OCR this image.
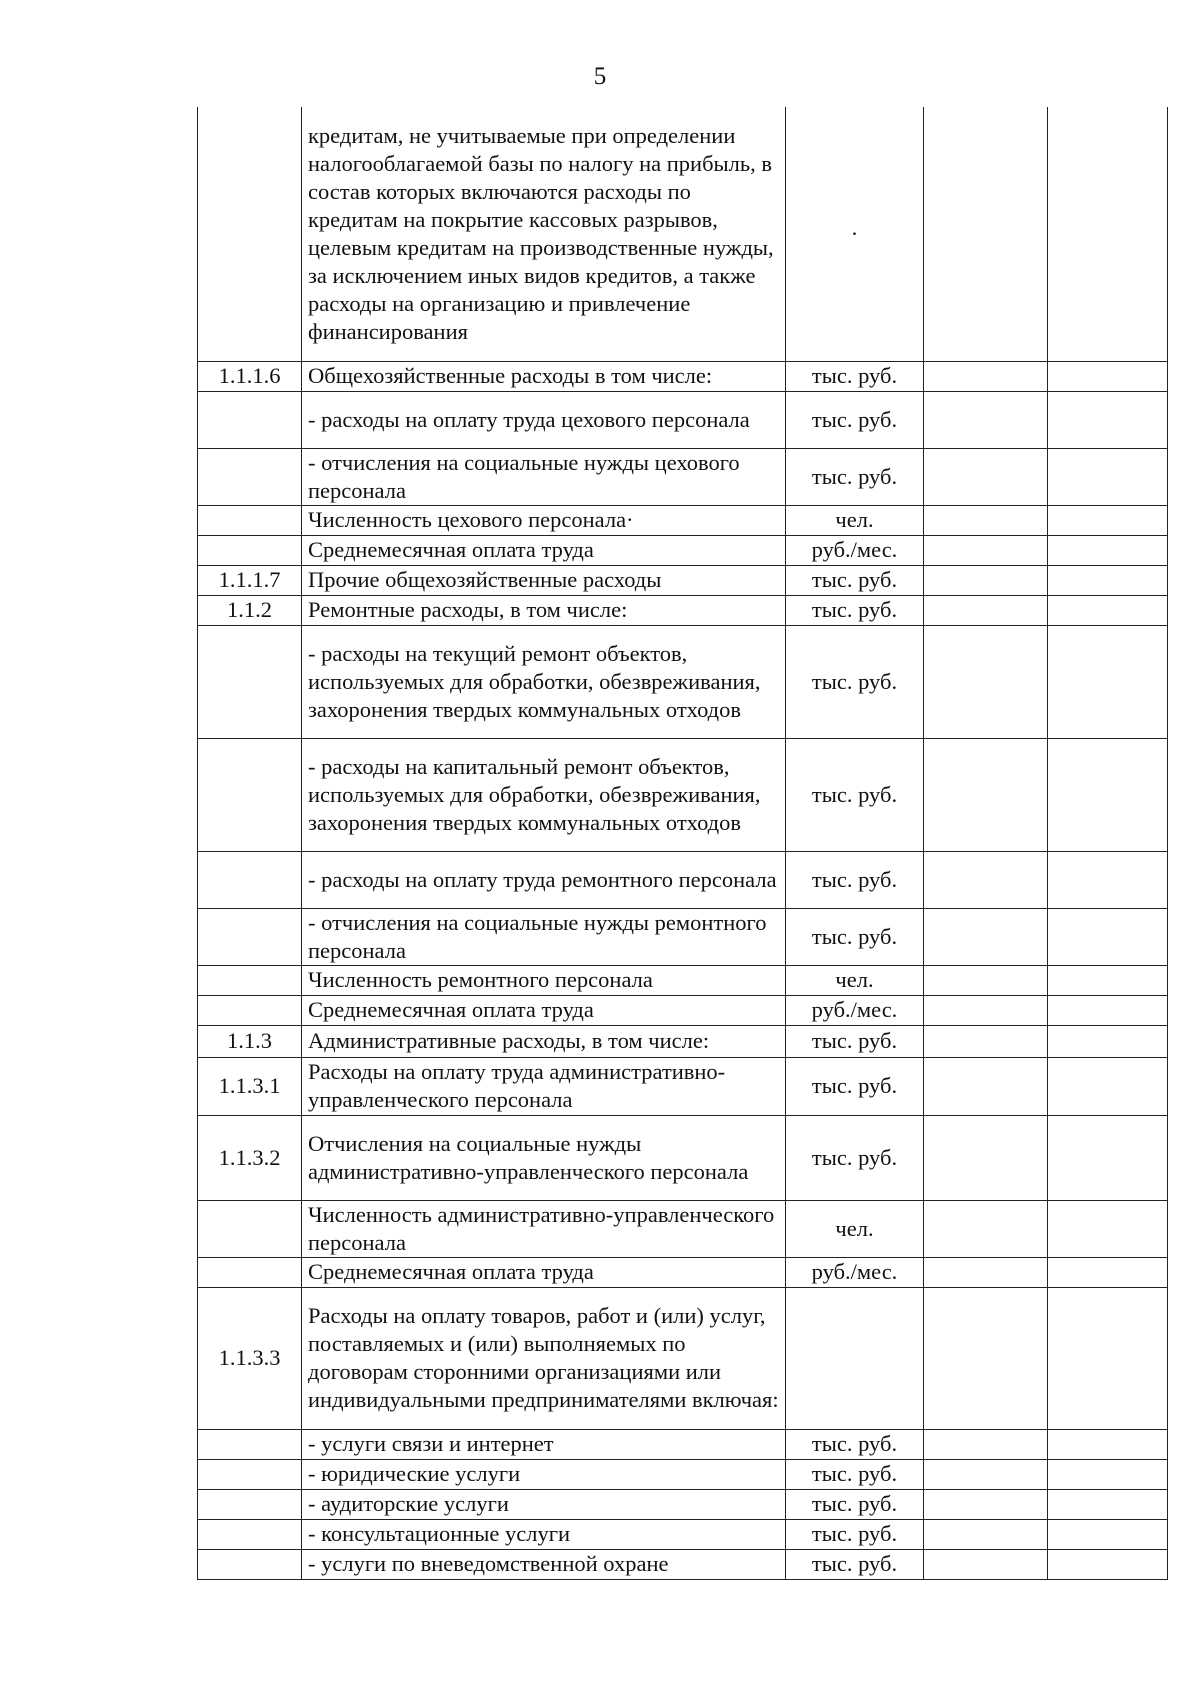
5
	кредитам, не учитываемые при определении налогооблагаемой базы по налогу на прибыль, в состав которых включаются расходы по кредитам на покрытие кассовых разрывов, целевым кредитам на производственные нужды, за исключением иных видов кредитов, а также расходы на организацию и привлечение финансирования	·		
1.1.1.6	Общехозяйственные расходы в том числе:	тыс. руб.		
	- расходы на оплату труда цехового персонала	тыс. руб.		
	- отчисления на социальные нужды цехового персонала	тыс. руб.		
	Численность цехового персонала·	чел.		
	Среднемесячная оплата труда	руб./мес.		
1.1.1.7	Прочие общехозяйственные расходы	тыс. руб.		
1.1.2	Ремонтные расходы, в том числе:	тыс. руб.		
	- расходы на текущий ремонт объектов, используемых для обработки, обезвреживания, захоронения твердых коммунальных отходов	тыс. руб.		
	- расходы на капитальный ремонт объектов, используемых для обработки, обезвреживания, захоронения твердых коммунальных отходов	тыс. руб.		
	- расходы на оплату труда ремонтного персонала	тыс. руб.		
	- отчисления на социальные нужды ремонтного персонала	тыс. руб.		
	Численность ремонтного персонала	чел.		
	Среднемесячная оплата труда	руб./мес.		
1.1.3	Административные расходы, в том числе:	тыс. руб.		
1.1.3.1	Расходы на оплату труда административно-управленческого персонала	тыс. руб.		
1.1.3.2	Отчисления на социальные нужды административно-управленческого персонала	тыс. руб.		
	Численность административно-управленческого персонала	чел.		
	Среднемесячная оплата труда	руб./мес.		
1.1.3.3	Расходы на оплату товаров, работ и (или) услуг, поставляемых и (или) выполняемых по договорам сторонними организациями или индивидуальными предпринимателями включая:			
	- услуги связи и интернет	тыс. руб.		
	- юридические услуги	тыс. руб.		
	- аудиторские услуги	тыс. руб.		
	- консультационные услуги	тыс. руб.		
	- услуги по вневедомственной охране	тыс. руб.		
